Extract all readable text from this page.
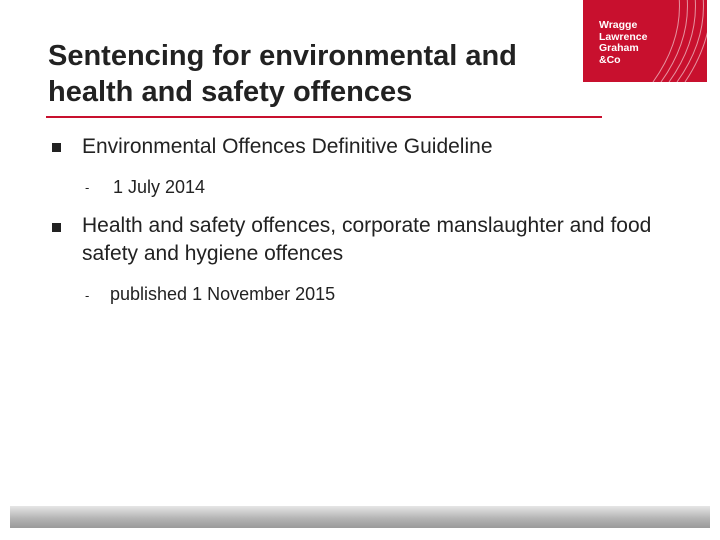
Sentencing for environmental and health and safety offences
Wragge
Lawrence
Graham
&Co
Environmental Offences Definitive Guideline
- 1 July 2014
Health and safety offences, corporate manslaughter and food safety and hygiene offences
- published 1 November 2015
